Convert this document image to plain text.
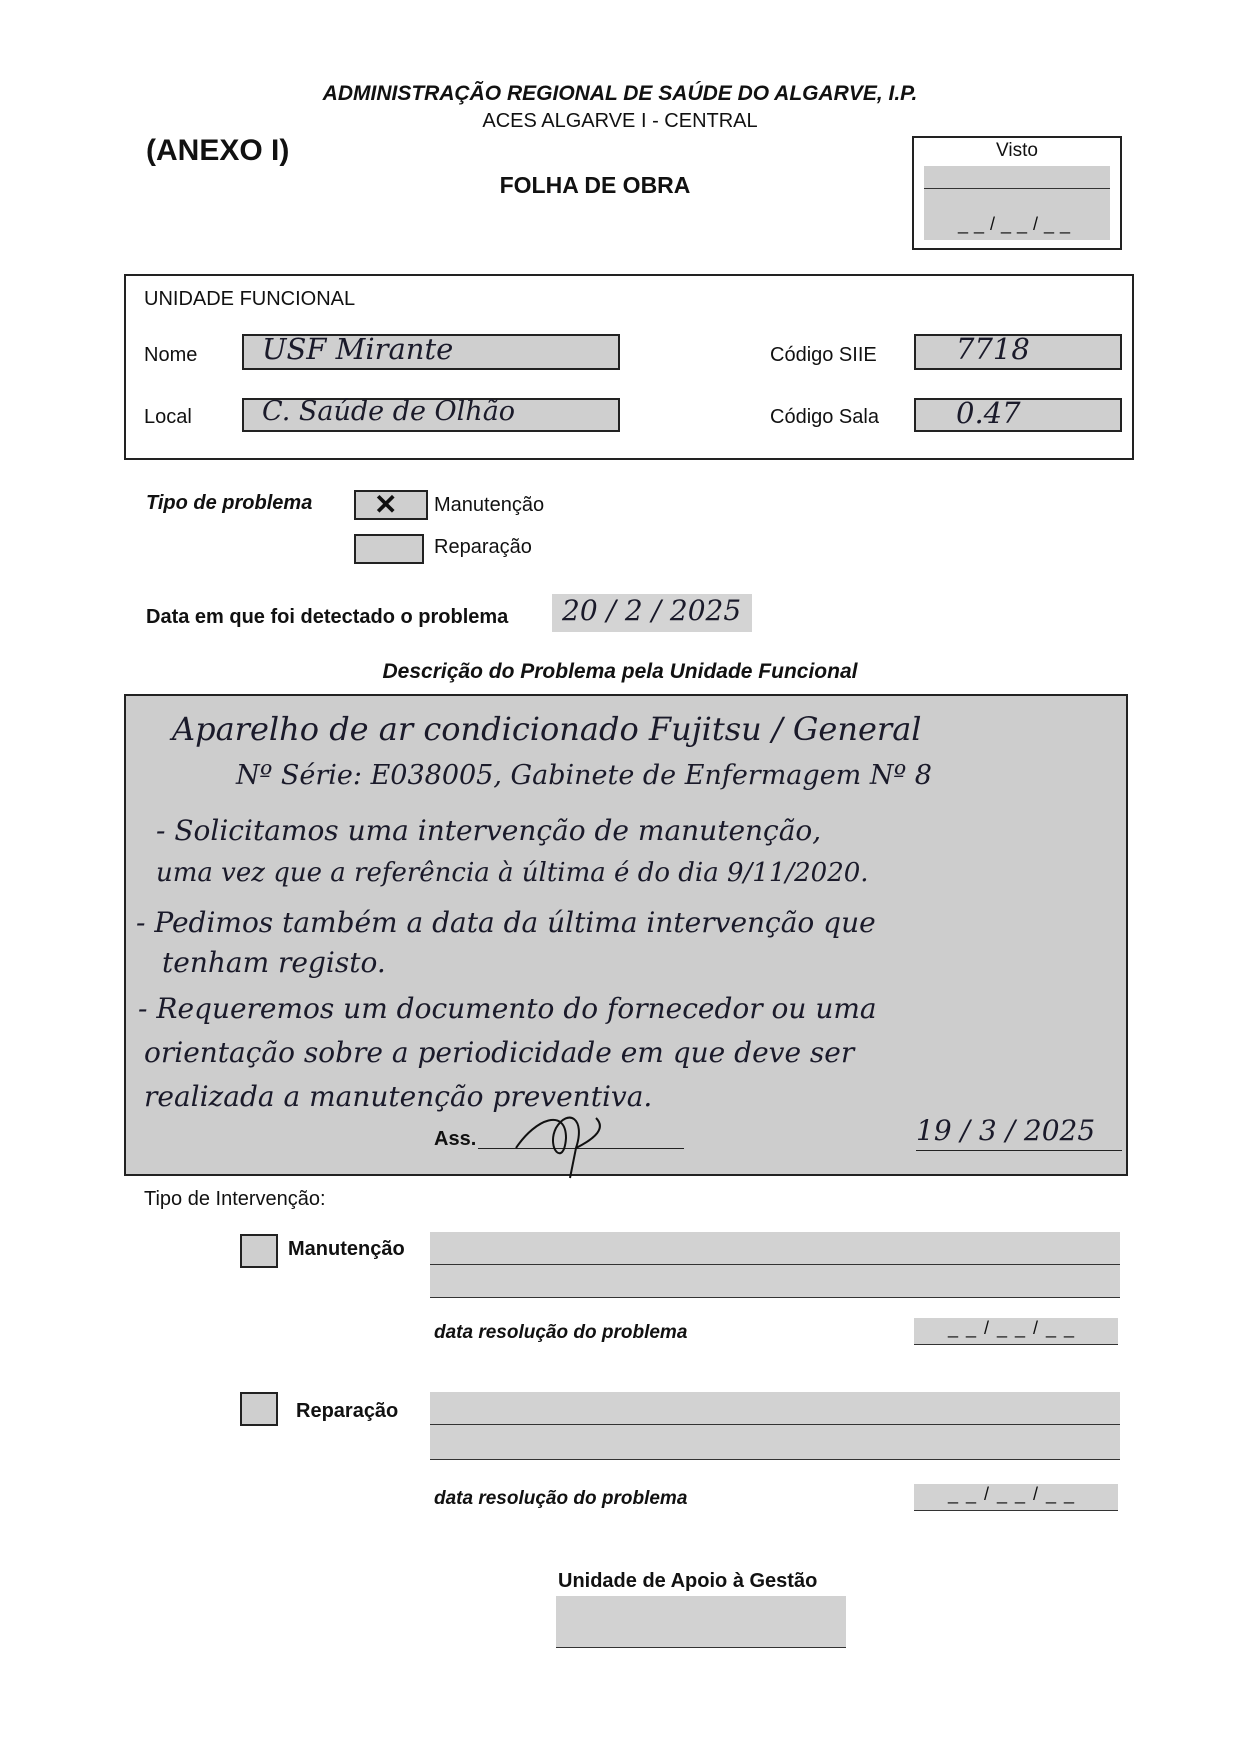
ADMINISTRAÇÃO REGIONAL DE SAÚDE DO ALGARVE, I.P.
ACES ALGARVE I - CENTRAL
(ANEXO I)
FOLHA DE OBRA
Visto
__/__/__
UNIDADE FUNCIONAL
Nome USF Mirante
Local	C. Saúde de Olhão
Código SIIE	7718
Código Sala	0.47
Tipo de problema ✕ Manutenção
Reparação
Data em que foi detectado o problema 20 / 2 / 2025
Descrição do Problema pela Unidade Funcional
Aparelho de ar condicionado Fujitsu / General
Nº Série: E038005, Gabinete de Enfermagem Nº 8
- Solicitamos uma intervenção de manutenção,
uma vez que a referência à última é do dia 9/11/2020.
- Pedimos também a data da última intervenção que
tenham registo.
- Requeremos um documento do fornecedor ou uma
orientação sobre a periodicidade em que deve ser
realizada a manutenção preventiva.
Ass.	19 / 3 / 2025
Tipo de Intervenção:
Manutenção
data resolução do problema	__/__/__
Reparação
data resolução do problema	__/__/__
Unidade de Apoio à Gestão
